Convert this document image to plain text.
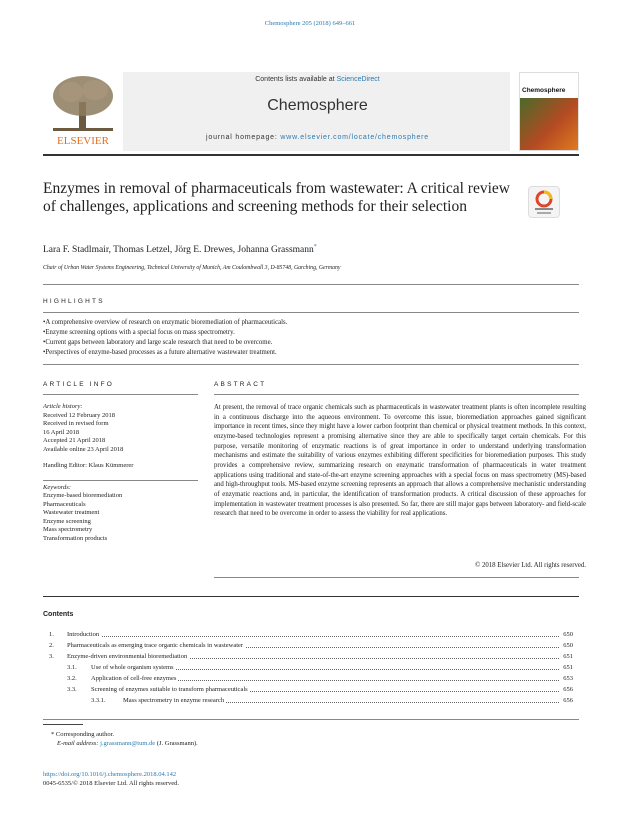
Chemosphere 205 (2018) 649–661
ELSEVIER
Contents lists available at ScienceDirect
Chemosphere
journal homepage: www.elsevier.com/locate/chemosphere
Chemosphere
Enzymes in removal of pharmaceuticals from wastewater: A critical review of challenges, applications and screening methods for their selection
Lara F. Stadlmair, Thomas Letzel, Jörg E. Drewes, Johanna Grassmann*
Chair of Urban Water Systems Engineering, Technical University of Munich, Am Coulombwall 3, D-85748, Garching, Germany
HIGHLIGHTS
• A comprehensive overview of research on enzymatic bioremediation of pharmaceuticals.
• Enzyme screening options with a special focus on mass spectrometry.
• Current gaps between laboratory and large scale research that need to be overcome.
• Perspectives of enzyme-based processes as a future alternative wastewater treatment.
ARTICLE INFO
Article history:
Received 12 February 2018
Received in revised form
16 April 2018
Accepted 21 April 2018
Available online 23 April 2018
Handling Editor: Klaus Kümmerer
Keywords:
Enzyme-based bioremediation
Pharmaceuticals
Wastewater treatment
Enzyme screening
Mass spectrometry
Transformation products
ABSTRACT
At present, the removal of trace organic chemicals such as pharmaceuticals in wastewater treatment plants is often incomplete resulting in a continuous discharge into the aqueous environment. To overcome this issue, bioremediation approaches gained significant importance in recent times, since they might have a lower carbon footprint than chemical or physical treatment methods. In this context, enzyme-based technologies represent a promising alternative since they are able to specifically target certain chemicals. For this purpose, versatile monitoring of enzymatic reactions is of great importance in order to understand underlying transformation mechanisms and estimate the suitability of various enzymes exhibiting different specificities for bioremediation purposes. This study provides a comprehensive review, summarizing research on enzymatic transformation of pharmaceuticals in water treatment applications using traditional and state-of-the-art enzyme screening approaches with a special focus on mass spectrometry (MS)-based and high-throughput tools. MS-based enzyme screening represents an approach that allows a comprehensive mechanistic understanding of enzymatic reactions and, in particular, the identification of transformation products. A critical discussion of these approaches for implementation in wastewater treatment processes is also presented. So far, there are still major gaps between laboratory- and field-scale research that need to be overcome in order to assess the viability for real applications.
© 2018 Elsevier Ltd. All rights reserved.
Contents
1. Introduction	650
2. Pharmaceuticals as emerging trace organic chemicals in wastewater	650
3. Enzyme-driven environmental bioremediation	651
3.1. Use of whole organism systems	651
3.2. Application of cell-free enzymes	653
3.3. Screening of enzymes suitable to transform pharmaceuticals	656
3.3.1.	Mass spectrometry in enzyme research	656
* Corresponding author.
E-mail address: j.grassmann@tum.de (J. Grassmann).
https://doi.org/10.1016/j.chemosphere.2018.04.142
0045-6535/© 2018 Elsevier Ltd. All rights reserved.
